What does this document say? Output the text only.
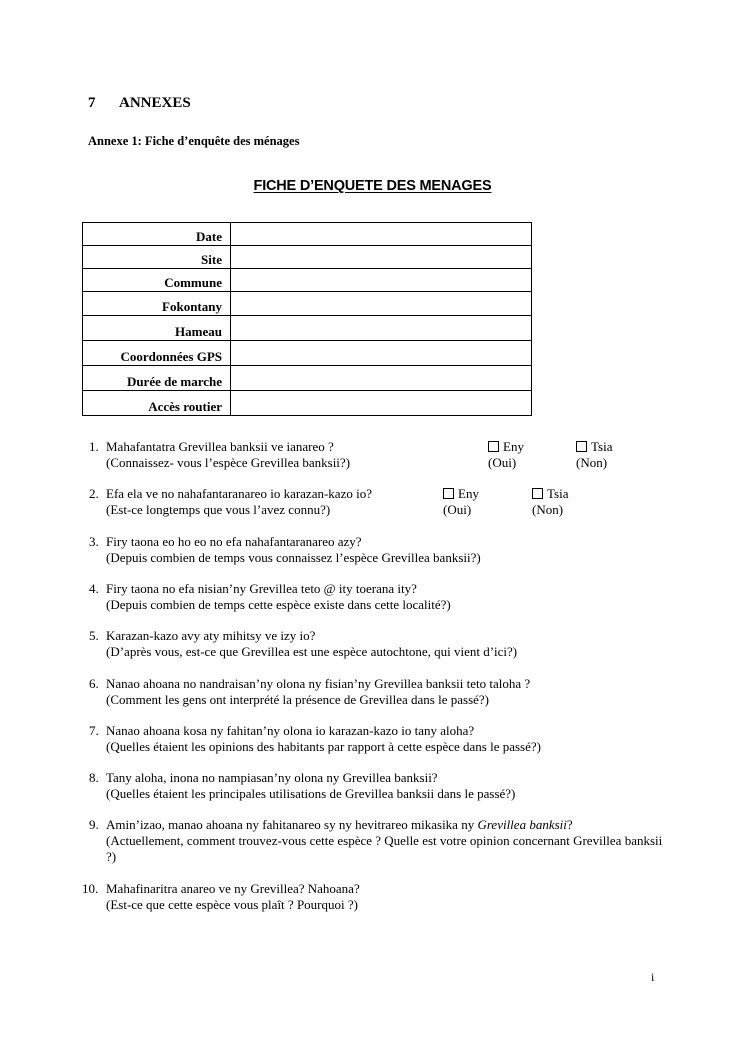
7 ANNEXES
Annexe 1: Fiche d’enquête des ménages
FICHE D’ENQUETE DES MENAGES
Date	
Site	
Commune	
Fokontany	
Hameau	
Coordonnées GPS	
Durée de marche	
Accès routier	
1. Mahafantatra Grevillea banksii ve ianareo ?
(Connaissez- vous l’espèce Grevillea banksii?)
Eny
(Oui)
Tsia
(Non)
2. Efa ela ve no nahafantaranareo io karazan-kazo io?
(Est-ce longtemps que vous l’avez connu?)
Eny
(Oui)
Tsia
(Non)
3. Firy taona eo ho eo no efa nahafantaranareo azy?
(Depuis combien de temps vous connaissez l’espèce Grevillea banksii?)
4. Firy taona no efa nisian’ny Grevillea teto @ ity toerana ity?
(Depuis combien de temps cette espèce existe dans cette localité?)
5. Karazan-kazo avy aty mihitsy ve izy io?
(D’après vous, est-ce que Grevillea est une espèce autochtone, qui vient d’ici?)
6. Nanao ahoana no nandraisan’ny olona ny fisian’ny Grevillea banksii teto taloha ?
(Comment les gens ont interprété la présence de Grevillea dans le passé?)
7. Nanao ahoana kosa ny fahitan’ny olona io karazan-kazo io tany aloha?
(Quelles étaient les opinions des habitants par rapport à cette espèce dans le passé?)
8. Tany aloha, inona no nampiasan’ny olona ny Grevillea banksii?
(Quelles étaient les principales utilisations de Grevillea banksii dans le passé?)
9. Amin’izao, manao ahoana ny fahitanareo sy ny hevitrareo mikasika ny Grevillea banksii?
(Actuellement, comment trouvez-vous cette espèce ? Quelle est votre opinion concernant Grevillea banksii ?)
10. Mahafinaritra anareo ve ny Grevillea? Nahoana?
(Est-ce que cette espèce vous plaît ? Pourquoi ?)
i
